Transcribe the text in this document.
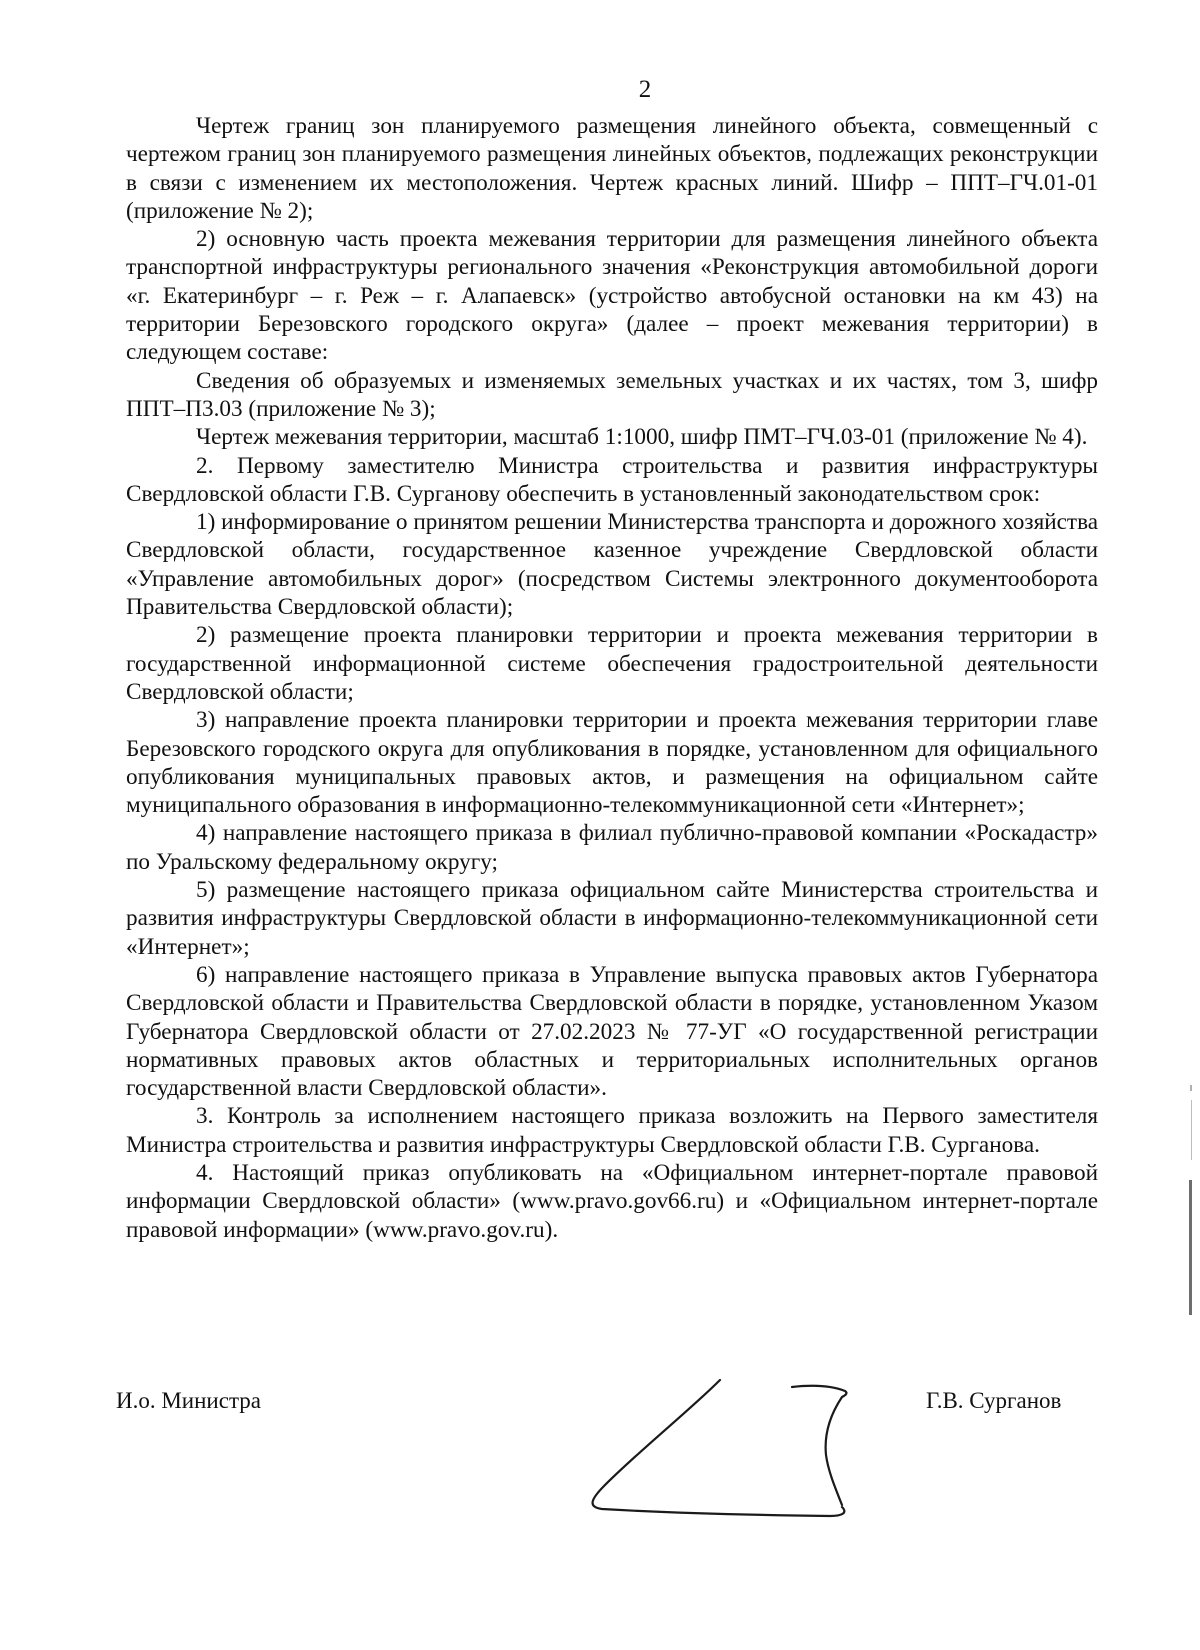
2

Чертеж границ зон планируемого размещения линейного объекта, совмещенный с чертежом границ зон планируемого размещения линейных объектов, подлежащих реконструкции в связи с изменением их местоположения. Чертеж красных линий. Шифр – ППТ–ГЧ.01-01 (приложение № 2);

2) основную часть проекта межевания территории для размещения линейного объекта транспортной инфраструктуры регионального значения «Реконструкция автомобильной дороги «г. Екатеринбург – г. Реж – г. Алапаевск» (устройство автобусной остановки на км 43) на территории Березовского городского округа» (далее – проект межевания территории) в следующем составе:

Сведения об образуемых и изменяемых земельных участках и их частях, том 3, шифр ППТ–П3.03 (приложение № 3);

Чертеж межевания территории, масштаб 1:1000, шифр ПМТ–ГЧ.03-01 (приложение № 4).

2. Первому заместителю Министра строительства и развития инфраструктуры Свердловской области Г.В. Сурганову обеспечить в установленный законодательством срок:

1) информирование о принятом решении Министерства транспорта и дорожного хозяйства Свердловской области, государственное казенное учреждение Свердловской области «Управление автомобильных дорог» (посредством Системы электронного документооборота Правительства Свердловской области);

2) размещение проекта планировки территории и проекта межевания территории в государственной информационной системе обеспечения градостроительной деятельности Свердловской области;

3) направление проекта планировки территории и проекта межевания территории главе Березовского городского округа для опубликования в порядке, установленном для официального опубликования муниципальных правовых актов, и размещения на официальном сайте муниципального образования в информационно-телекоммуникационной сети «Интернет»;

4) направление настоящего приказа в филиал публично-правовой компании «Роскадастр» по Уральскому федеральному округу;

5) размещение настоящего приказа официальном сайте Министерства строительства и развития инфраструктуры Свердловской области в информационно-телекоммуникационной сети «Интернет»;

6) направление настоящего приказа в Управление выпуска правовых актов Губернатора Свердловской области и Правительства Свердловской области в порядке, установленном Указом Губернатора Свердловской области от 27.02.2023 № 77-УГ «О государственной регистрации нормативных правовых актов областных и территориальных исполнительных органов государственной власти Свердловской области».

3. Контроль за исполнением настоящего приказа возложить на Первого заместителя Министра строительства и развития инфраструктуры Свердловской области Г.В. Сурганова.

4. Настоящий приказ опубликовать на «Официальном интернет-портале правовой информации Свердловской области» (www.pravo.gov66.ru) и «Официальном интернет-портале правовой информации» (www.pravo.gov.ru).

И.о. Министра	Г.В. Сурганов
